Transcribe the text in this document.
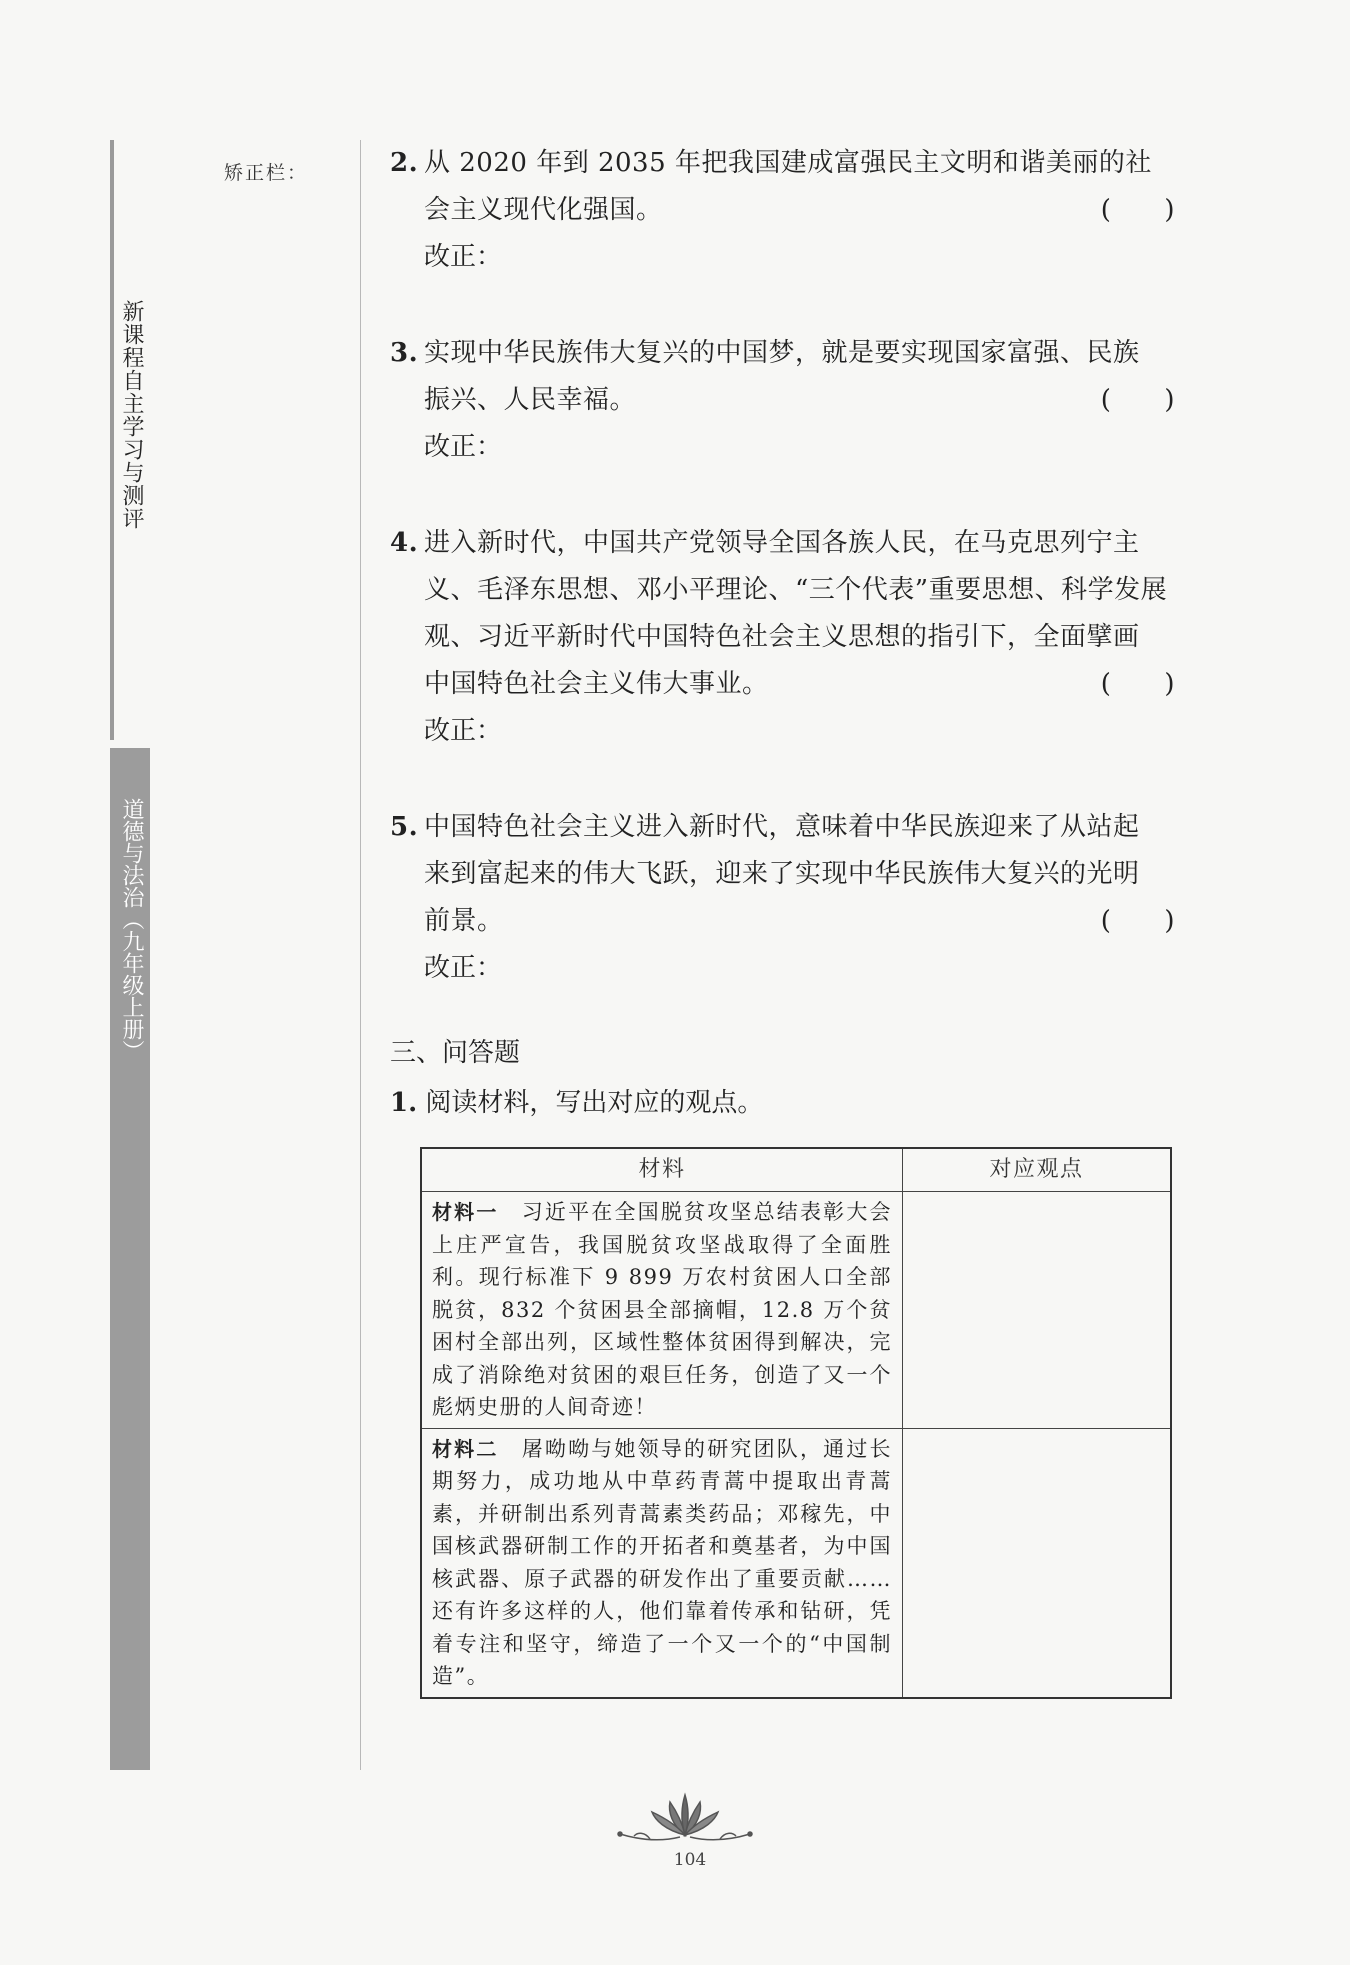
新课程自主学习与测评
道德与法治（九年级上册）
矫正栏：	2. 从 2020 年到 2035 年把我国建成富强民主文明和谐美丽的社
会主义现代化强国。	(　　)
改正：
3. 实现中华民族伟大复兴的中国梦，就是要实现国家富强、民族
振兴、人民幸福。	(　　)
改正：
4. 进入新时代，中国共产党领导全国各族人民，在马克思列宁主
义、毛泽东思想、邓小平理论、“三个代表”重要思想、科学发展
观、习近平新时代中国特色社会主义思想的指引下，全面擘画
中国特色社会主义伟大事业。	(　　)
改正：
5. 中国特色社会主义进入新时代，意味着中华民族迎来了从站起
来到富起来的伟大飞跃，迎来了实现中华民族伟大复兴的光明
前景。	(　　)
改正：
三、问答题
1. 阅读材料，写出对应的观点。
材料	对应观点
材料一　 习近平在全国脱贫攻坚总结表彰大会上庄严宣告，我国脱贫攻坚战取得了全面胜利。现行标准下 9 899 万农村贫困人口全部脱贫，832 个贫困县全部摘帽，12.8 万个贫困村全部出列，区域性整体贫困得到解决，完成了消除绝对贫困的艰巨任务，创造了又一个彪炳史册的人间奇迹！	
材料二　 屠呦呦与她领导的研究团队，通过长期努力，成功地从中草药青蒿中提取出青蒿素，并研制出系列青蒿素类药品；邓稼先，中国核武器研制工作的开拓者和奠基者，为中国核武器、原子武器的研发作出了重要贡献……还有许多这样的人，他们靠着传承和钻研，凭着专注和坚守，缔造了一个又一个的“中国制造”。	
104
